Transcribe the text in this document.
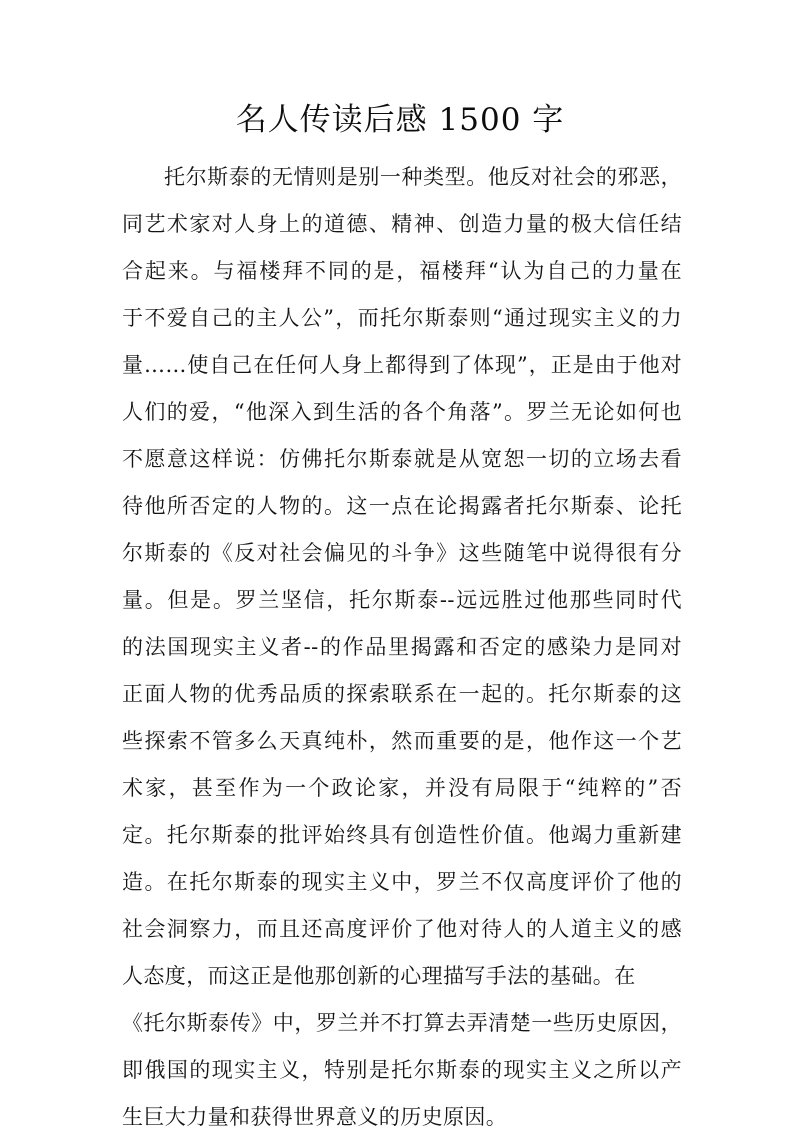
名人传读后感 1500 字
托尔斯泰的无情则是别一种类型。他反对社会的邪恶，
同艺术家对人身上的道德、精神、创造力量的极大信任结
合起来。与福楼拜不同的是，福楼拜“认为自己的力量在
于不爱自己的主人公”，而托尔斯泰则“通过现实主义的力
量……使自己在任何人身上都得到了体现”，正是由于他对
人们的爱，“他深入到生活的各个角落”。罗兰无论如何也
不愿意这样说：仿佛托尔斯泰就是从宽恕一切的立场去看
待他所否定的人物的。这一点在论揭露者托尔斯泰、论托
尔斯泰的《反对社会偏见的斗争》这些随笔中说得很有分
量。但是。罗兰坚信，托尔斯泰--远远胜过他那些同时代
的法国现实主义者--的作品里揭露和否定的感染力是同对
正面人物的优秀品质的探索联系在一起的。托尔斯泰的这
些探索不管多么天真纯朴，然而重要的是，他作这一个艺
术家，甚至作为一个政论家，并没有局限于“纯粹的”否
定。托尔斯泰的批评始终具有创造性价值。他竭力重新建
造。在托尔斯泰的现实主义中，罗兰不仅高度评价了他的
社会洞察力，而且还高度评价了他对待人的人道主义的感
人态度，而这正是他那创新的心理描写手法的基础。在
《托尔斯泰传》中，罗兰并不打算去弄清楚一些历史原因，
即俄国的现实主义，特别是托尔斯泰的现实主义之所以产
生巨大力量和获得世界意义的历史原因。
